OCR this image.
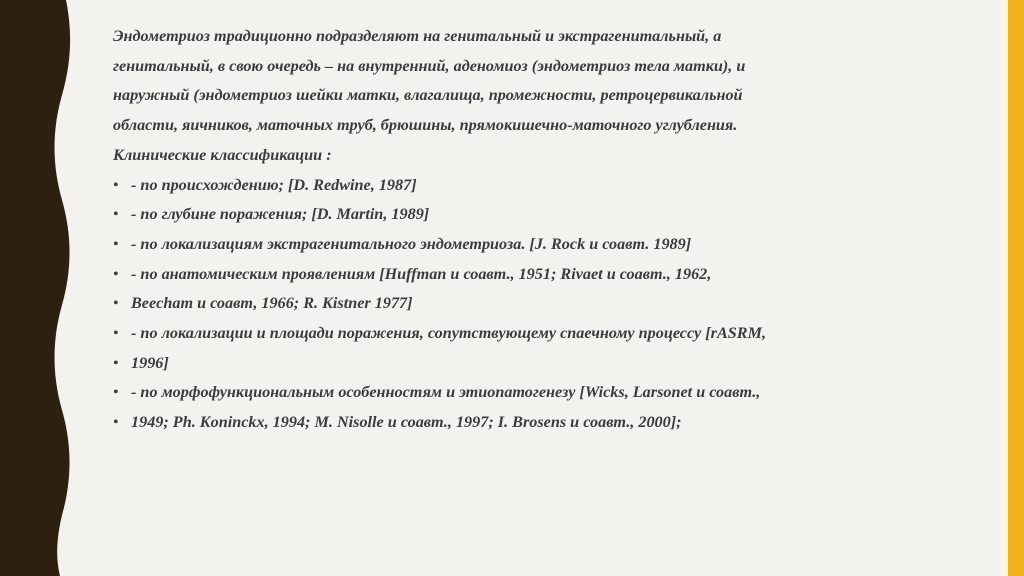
Эндометриоз традиционно подразделяют на генитальный и экстрагенитальный, а

генитальный, в свою очередь – на внутренний, аденомиоз (эндометриоз тела матки), и

наружный (эндометриоз шейки матки, влагалища, промежности, ретроцервикальной

области, яичников, маточных труб, брюшины, прямокишечно-маточного углубления.

Клинические классификации :

• - по происхождению; [D. Redwine, 1987]
• - по глубине поражения; [D. Martin, 1989]
• - по локализациям экстрагенитального эндометриоза. [J. Rock и соавт. 1989]
• - по анатомическим проявлениям [Huffman и соавт., 1951; Rivaet и соавт., 1962,
• Beecham и соавт, 1966; R. Kistner 1977]
• - по локализации и площади поражения, сопутствующему спаечному процессу [rASRM,
• 1996]
• - по морфофункциональным особенностям и этиопатогенезу [Wicks, Larsonet и соавт.,
• 1949; Ph. Koninckx, 1994; M. Nisolle и соавт., 1997; I. Brosens и соавт., 2000];
